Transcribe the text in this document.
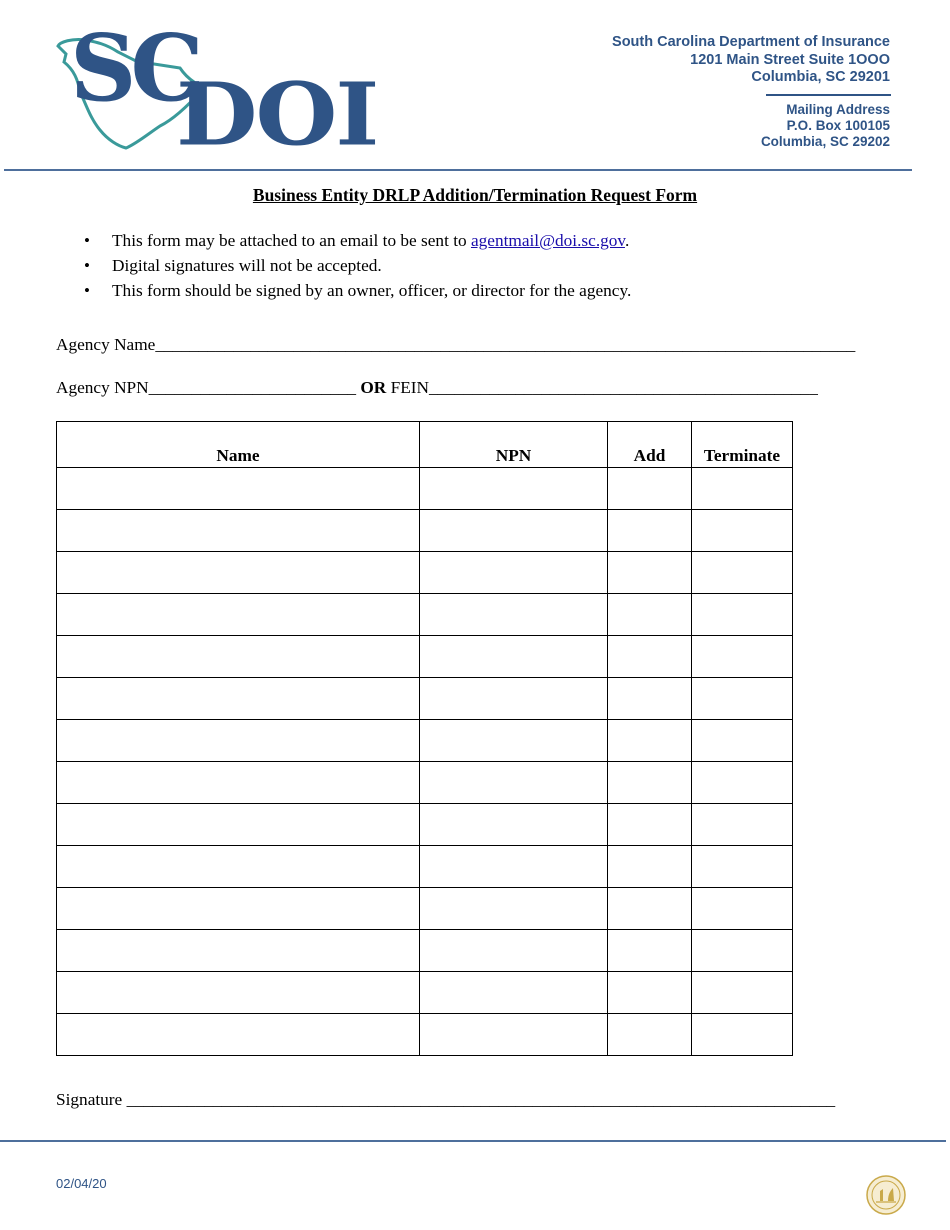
SC
DOI
South Carolina Department of Insurance
1201 Main Street Suite 1OOO
Columbia, SC 29201
Mailing Address
P.O. Box 100105
Columbia, SC 29202
Business Entity DRLP Addition/Termination Request Form
• This form may be attached to an email to be sent to agentmail@doi.sc.gov.
• Digital signatures will not be accepted.
• This form should be signed by an owner, officer, or director for the agency.
Agency Name_________________________________________________________________________________
Agency NPN________________________ OR FEIN_____________________________________________
Name	NPN	Add	Terminate

Signature __________________________________________________________________________________
02/04/20
